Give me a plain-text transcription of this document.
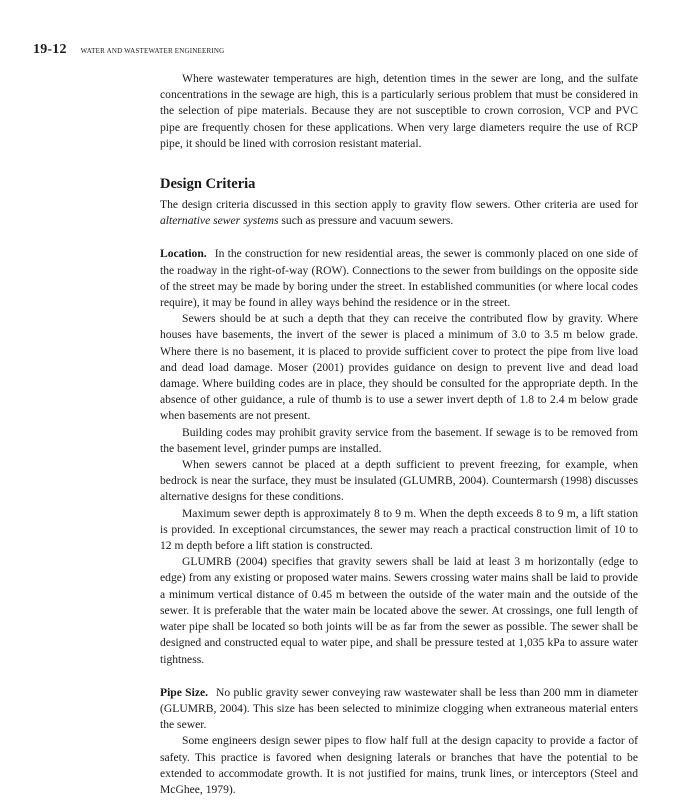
19-12 WATER AND WASTEWATER ENGINEERING

Where wastewater temperatures are high, detention times in the sewer are long, and the sulfate concentrations in the sewage are high, this is a particularly serious problem that must be considered in the selection of pipe materials. Because they are not susceptible to crown corrosion, VCP and PVC pipe are frequently chosen for these applications. When very large diameters require the use of RCP pipe, it should be lined with corrosion resistant material.

Design Criteria

The design criteria discussed in this section apply to gravity flow sewers. Other criteria are used for alternative sewer systems such as pressure and vacuum sewers.

Location. In the construction for new residential areas, the sewer is commonly placed on one side of the roadway in the right-of-way (ROW). Connections to the sewer from buildings on the opposite side of the street may be made by boring under the street. In established communities (or where local codes require), it may be found in alley ways behind the residence or in the street.

Sewers should be at such a depth that they can receive the contributed flow by gravity. Where houses have basements, the invert of the sewer is placed a minimum of 3.0 to 3.5 m below grade. Where there is no basement, it is placed to provide sufficient cover to protect the pipe from live load and dead load damage. Moser (2001) provides guidance on design to prevent live and dead load damage. Where building codes are in place, they should be consulted for the appropriate depth. In the absence of other guidance, a rule of thumb is to use a sewer invert depth of 1.8 to 2.4 m below grade when basements are not present.

Building codes may prohibit gravity service from the basement. If sewage is to be removed from the basement level, grinder pumps are installed.

When sewers cannot be placed at a depth sufficient to prevent freezing, for example, when bedrock is near the surface, they must be insulated (GLUMRB, 2004). Countermarsh (1998) discusses alternative designs for these conditions.

Maximum sewer depth is approximately 8 to 9 m. When the depth exceeds 8 to 9 m, a lift station is provided. In exceptional circumstances, the sewer may reach a practical construction limit of 10 to 12 m depth before a lift station is constructed.

GLUMRB (2004) specifies that gravity sewers shall be laid at least 3 m horizontally (edge to edge) from any existing or proposed water mains. Sewers crossing water mains shall be laid to provide a minimum vertical distance of 0.45 m between the outside of the water main and the outside of the sewer. It is preferable that the water main be located above the sewer. At crossings, one full length of water pipe shall be located so both joints will be as far from the sewer as possible. The sewer shall be designed and constructed equal to water pipe, and shall be pressure tested at 1,035 kPa to assure water tightness.

Pipe Size. No public gravity sewer conveying raw wastewater shall be less than 200 mm in diameter (GLUMRB, 2004). This size has been selected to minimize clogging when extraneous material enters the sewer.

Some engineers design sewer pipes to flow half full at the design capacity to provide a factor of safety. This practice is favored when designing laterals or branches that have the potential to be extended to accommodate growth. It is not justified for mains, trunk lines, or interceptors (Steel and McGhee, 1979).
